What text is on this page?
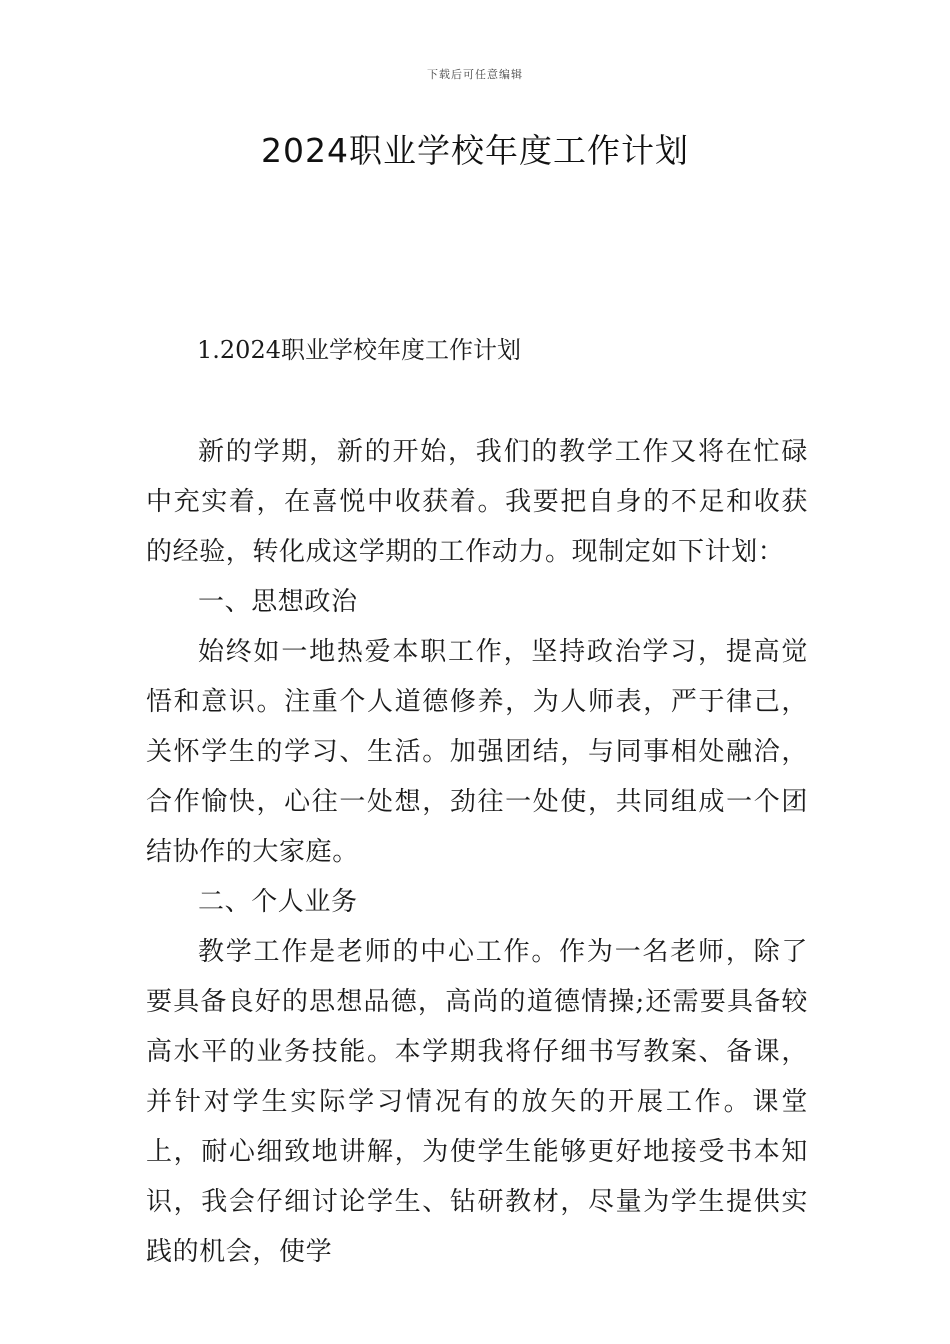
下载后可任意编辑
2024职业学校年度工作计划
1.2024职业学校年度工作计划

新的学期，新的开始，我们的教学工作又将在忙碌中充实着，在喜悦中收获着。我要把自身的不足和收获的经验，转化成这学期的工作动力。现制定如下计划：

一、思想政治

始终如一地热爱本职工作，坚持政治学习，提高觉悟和意识。注重个人道德修养，为人师表，严于律己，关怀学生的学习、生活。加强团结，与同事相处融洽，合作愉快，心往一处想，劲往一处使，共同组成一个团结协作的大家庭。

二、个人业务

教学工作是老师的中心工作。作为一名老师，除了要具备良好的思想品德，高尚的道德情操;还需要具备较高水平的业务技能。本学期我将仔细书写教案、备课，并针对学生实际学习情况有的放矢的开展工作。课堂上，耐心细致地讲解，为使学生能够更好地接受书本知识，我会仔细讨论学生、钻研教材，尽量为学生提供实践的机会，使学
